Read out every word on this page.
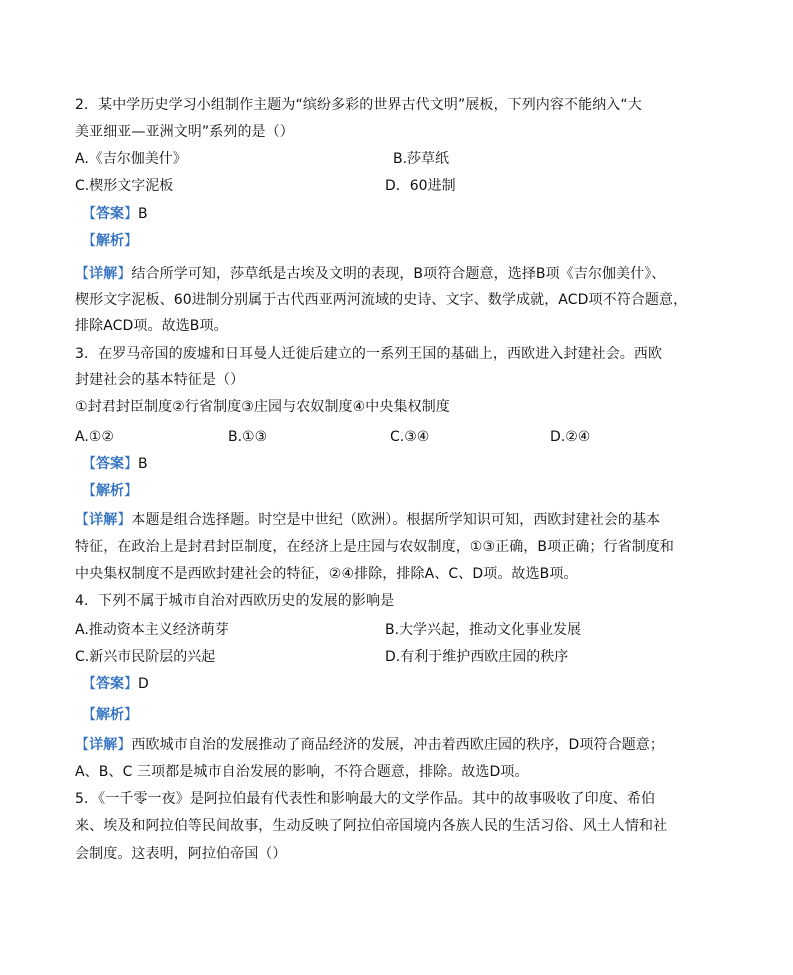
2．某中学历史学习小组制作主题为“缤纷多彩的世界古代文明”展板，下列内容不能纳入“大
美亚细亚—亚洲文明”系列的是（）
A.《吉尔伽美什》	B.莎草纸
C.楔形文字泥板	D．60进制
【答案】B
【解析】
【详解】结合所学可知，莎草纸是古埃及文明的表现，B项符合题意，选择B项《吉尔伽美什》、
楔形文字泥板、60进制分别属于古代西亚两河流域的史诗、文字、数学成就，ACD项不符合题意，
排除ACD项。故选B项。
3．在罗马帝国的废墟和日耳曼人迁徙后建立的一系列王国的基础上，西欧进入封建社会。西欧
封建社会的基本特征是（）
①封君封臣制度②行省制度③庄园与农奴制度④中央集权制度
A.①②	B.①③	C.③④	D.②④
【答案】B
【解析】
【详解】本题是组合选择题。时空是中世纪（欧洲）。根据所学知识可知，西欧封建社会的基本
特征，在政治上是封君封臣制度，在经济上是庄园与农奴制度，①③正确，B项正确；行省制度和
中央集权制度不是西欧封建社会的特征，②④排除，排除A、C、D项。故选B项。
4．下列不属于城市自治对西欧历史的发展的影响是
A.推动资本主义经济萌芽	B.大学兴起，推动文化事业发展
C.新兴市民阶层的兴起	D.有利于维护西欧庄园的秩序
【答案】D
【解析】
【详解】西欧城市自治的发展推动了商品经济的发展，冲击着西欧庄园的秩序，D项符合题意；
A、B、C 三项都是城市自治发展的影响，不符合题意，排除。故选D项。
5．《一千零一夜》是阿拉伯最有代表性和影响最大的文学作品。其中的故事吸收了印度、希伯
来、埃及和阿拉伯等民间故事，生动反映了阿拉伯帝国境内各族人民的生活习俗、风土人情和社
会制度。这表明，阿拉伯帝国（）
